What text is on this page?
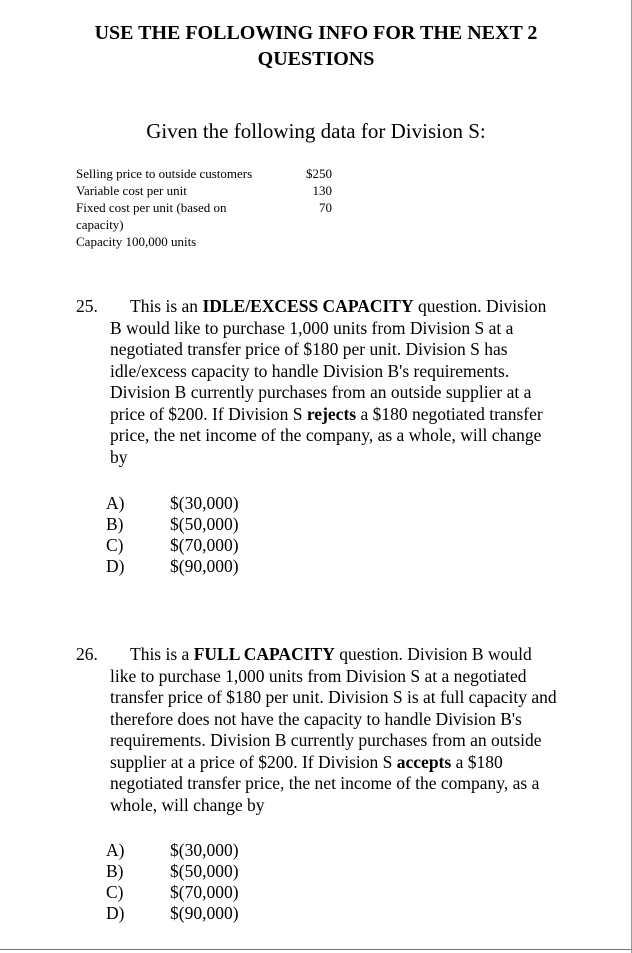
USE THE FOLLOWING INFO FOR THE NEXT 2
QUESTIONS
Given the following data for Division S:
Selling price to outside customers	$250
Variable cost per unit	130
Fixed cost per unit (based on	70
capacity)
Capacity 100,000 units
25.	This is an IDLE/EXCESS CAPACITY question. Division B would like to purchase 1,000 units from Division S at a negotiated transfer price of $180 per unit. Division S has idle/excess capacity to handle Division B's requirements. Division B currently purchases from an outside supplier at a price of $200. If Division S rejects a $180 negotiated transfer price, the net income of the company, as a whole, will change by
A)	$(30,000)
B)	$(50,000)
C)	$(70,000)
D)	$(90,000)
26.	This is a FULL CAPACITY question. Division B would like to purchase 1,000 units from Division S at a negotiated transfer price of $180 per unit. Division S is at full capacity and therefore does not have the capacity to handle Division B's requirements. Division B currently purchases from an outside supplier at a price of $200. If Division S accepts a $180 negotiated transfer price, the net income of the company, as a whole, will change by
A)	$(30,000)
B)	$(50,000)
C)	$(70,000)
D)	$(90,000)
